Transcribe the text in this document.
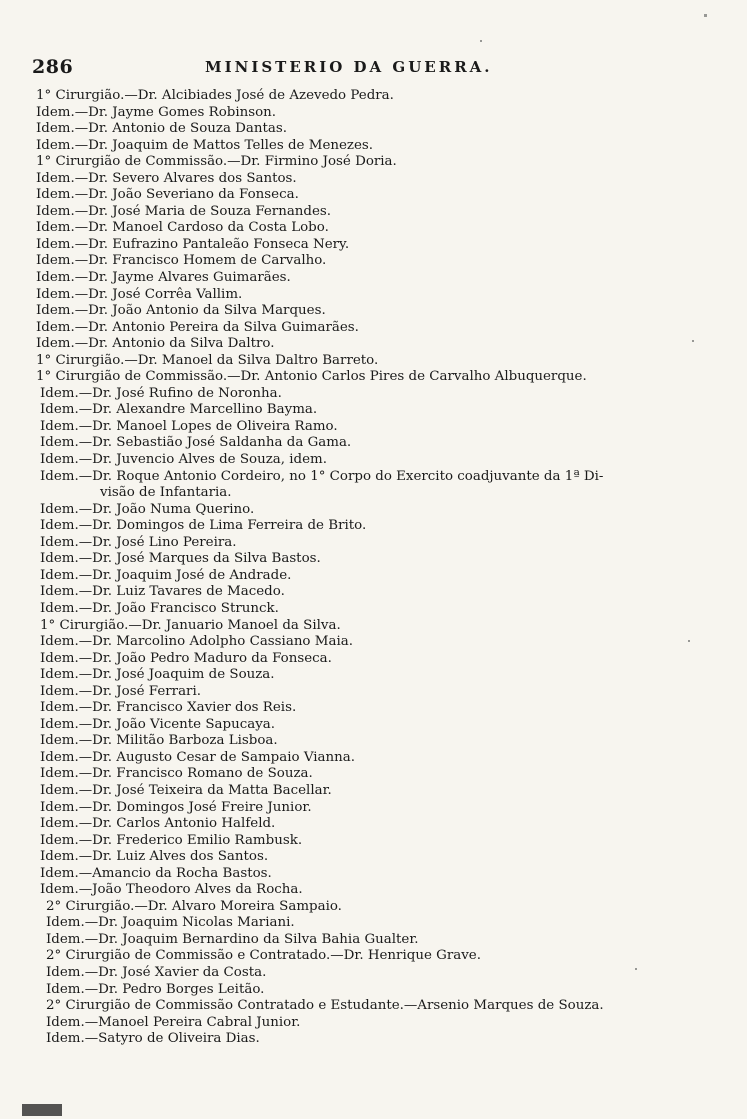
286	MINISTERIO DA GUERRA.
1° Cirurgião.—Dr. Alcibiades José de Azevedo Pedra.
Idem.—Dr. Jayme Gomes Robinson.
Idem.—Dr. Antonio de Souza Dantas.
Idem.—Dr. Joaquim de Mattos Telles de Menezes.
1° Cirurgião de Commissão.—Dr. Firmino José Doria.
Idem.—Dr. Severo Alvares dos Santos.
Idem.—Dr. João Severiano da Fonseca.
Idem.—Dr. José Maria de Souza Fernandes.
Idem.—Dr. Manoel Cardoso da Costa Lobo.
Idem.—Dr. Eufrazino Pantaleão Fonseca Nery.
Idem.—Dr. Francisco Homem de Carvalho.
Idem.—Dr. Jayme Alvares Guimarães.
Idem.—Dr. José Corrêa Vallim.
Idem.—Dr. João Antonio da Silva Marques.
Idem.—Dr. Antonio Pereira da Silva Guimarães.
Idem.—Dr. Antonio da Silva Daltro.
1° Cirurgião.—Dr. Manoel da Silva Daltro Barreto.
1° Cirurgião de Commissão.—Dr. Antonio Carlos Pires de Carvalho Albuquerque.
Idem.—Dr. José Rufino de Noronha.
Idem.—Dr. Alexandre Marcellino Bayma.
Idem.—Dr. Manoel Lopes de Oliveira Ramo.
Idem.—Dr. Sebastião José Saldanha da Gama.
Idem.—Dr. Juvencio Alves de Souza, idem.
Idem.—Dr. Roque Antonio Cordeiro, no 1° Corpo do Exercito coadjuvante da 1ª Di-
visão de Infantaria.
Idem.—Dr. João Numa Querino.
Idem.—Dr. Domingos de Lima Ferreira de Brito.
Idem.—Dr. José Lino Pereira.
Idem.—Dr. José Marques da Silva Bastos.
Idem.—Dr. Joaquim José de Andrade.
Idem.—Dr. Luiz Tavares de Macedo.
Idem.—Dr. João Francisco Strunck.
1° Cirurgião.—Dr. Januario Manoel da Silva.
Idem.—Dr. Marcolino Adolpho Cassiano Maia.
Idem.—Dr. João Pedro Maduro da Fonseca.
Idem.—Dr. José Joaquim de Souza.
Idem.—Dr. José Ferrari.
Idem.—Dr. Francisco Xavier dos Reis.
Idem.—Dr. João Vicente Sapucaya.
Idem.—Dr. Militão Barboza Lisboa.
Idem.—Dr. Augusto Cesar de Sampaio Vianna.
Idem.—Dr. Francisco Romano de Souza.
Idem.—Dr. José Teixeira da Matta Bacellar.
Idem.—Dr. Domingos José Freire Junior.
Idem.—Dr. Carlos Antonio Halfeld.
Idem.—Dr. Frederico Emilio Rambusk.
Idem.—Dr. Luiz Alves dos Santos.
Idem.—Amancio da Rocha Bastos.
Idem.—João Theodoro Alves da Rocha.
2° Cirurgião.—Dr. Alvaro Moreira Sampaio.
Idem.—Dr. Joaquim Nicolas Mariani.
Idem.—Dr. Joaquim Bernardino da Silva Bahia Gualter.
2° Cirurgião de Commissão e Contratado.—Dr. Henrique Grave.
Idem.—Dr. José Xavier da Costa.
Idem.—Dr. Pedro Borges Leitão.
2° Cirurgião de Commissão Contratado e Estudante.—Arsenio Marques de Souza.
Idem.—Manoel Pereira Cabral Junior.
Idem.—Satyro de Oliveira Dias.
